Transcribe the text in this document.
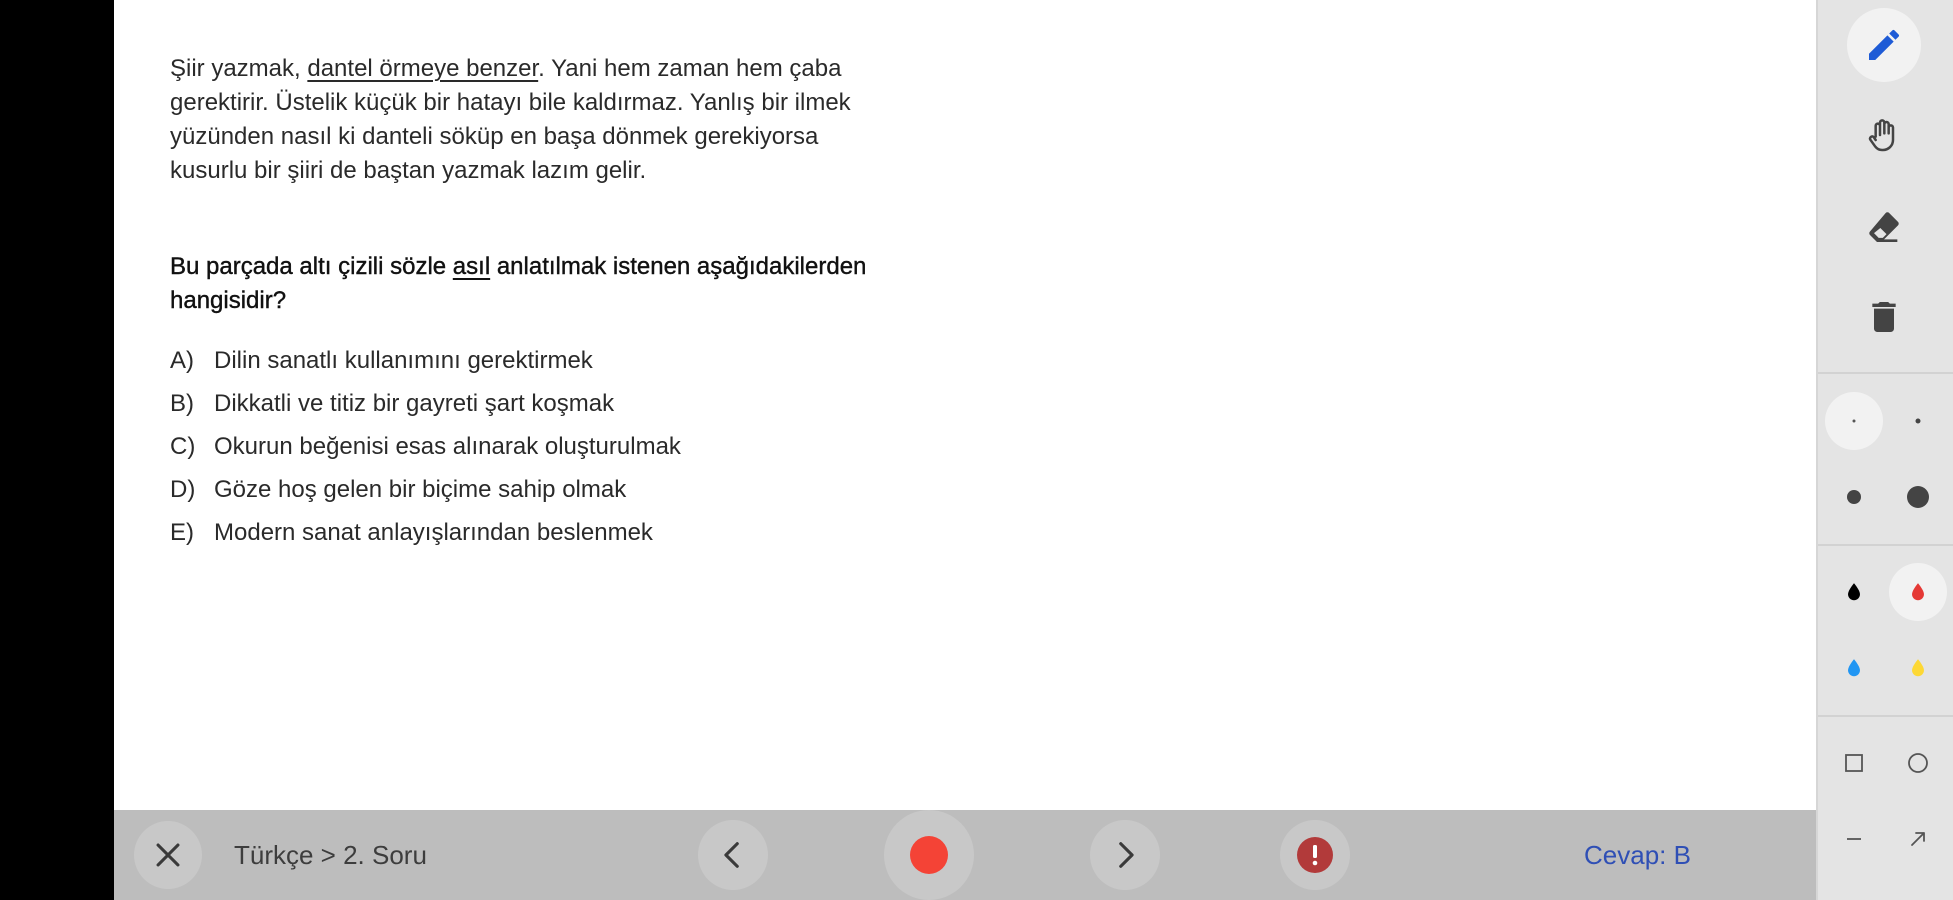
Şiir yazmak, dantel örmeye benzer. Yani hem zaman hem çaba gerektirir. Üstelik küçük bir hatayı bile kaldırmaz. Yanlış bir ilmek yüzünden nasıl ki danteli söküp en başa dönmek gerekiyorsa kusurlu bir şiiri de baştan yazmak lazım gelir.

Bu parçada altı çizili sözle asıl anlatılmak istenen aşağıdakilerden hangisidir?

A) Dilin sanatlı kullanımını gerektirmek
B) Dikkatli ve titiz bir gayreti şart koşmak
C) Okurun beğenisi esas alınarak oluşturulmak
D) Göze hoş gelen bir biçime sahip olmak
E) Modern sanat anlayışlarından beslenmek
Türkçe > 2. Soru	Cevap: B
